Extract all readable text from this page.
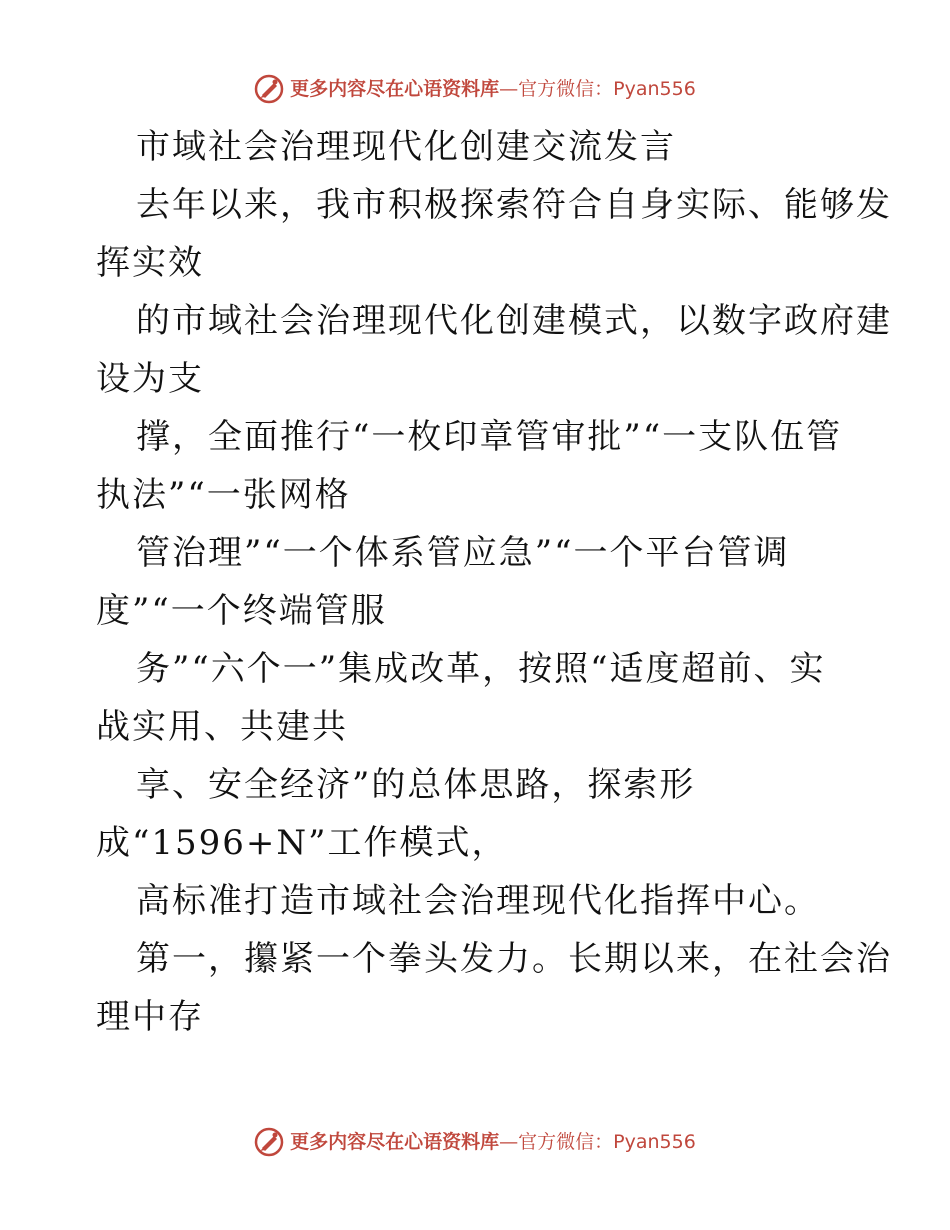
更多内容尽在心语资料库 — 官方微信：Pyan556
市域社会治理现代化创建交流发言
去年以来，我市积极探索符合自身实际、能够发
挥实效
的市域社会治理现代化创建模式，以数字政府建
设为支
撑，全面推行“一枚印章管审批”“一支队伍管
执法”“一张网格
管治理”“一个体系管应急”“一个平台管调
度”“一个终端管服
务”“六个一”集成改革，按照“适度超前、实
战实用、共建共
享、安全经济”的总体思路，探索形
成“1596+N”工作模式，
高标准打造市域社会治理现代化指挥中心。
第一，攥紧一个拳头发力。长期以来，在社会治
理中存
更多内容尽在心语资料库 — 官方微信：Pyan556
